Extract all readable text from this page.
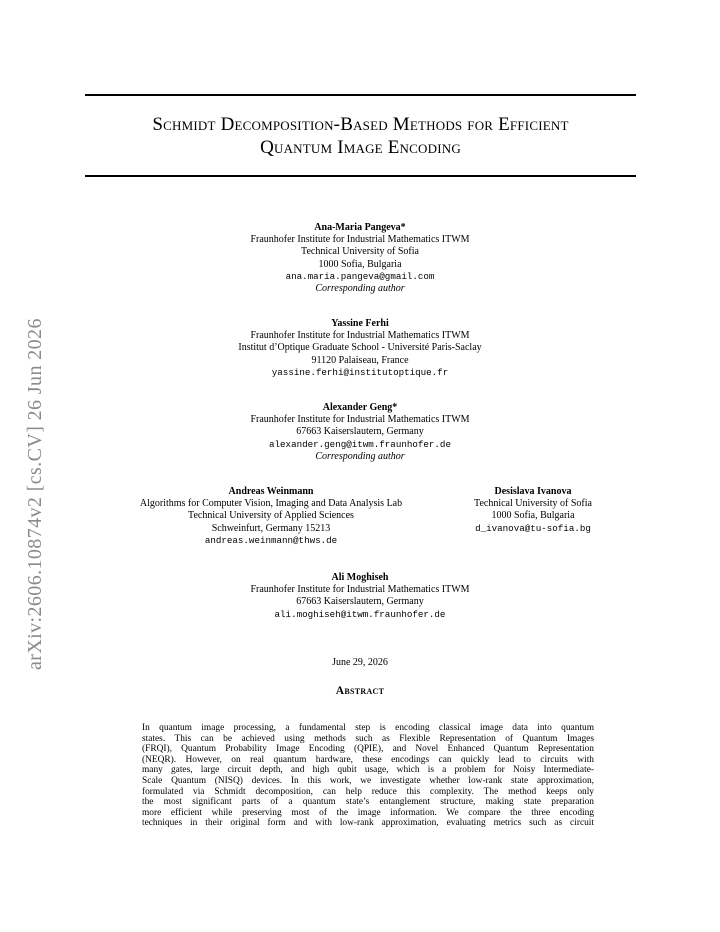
arXiv:2606.10874v2 [cs.CV] 26 Jun 2026
Schmidt Decomposition-Based Methods for Efficient
Quantum Image Encoding
Ana-Maria Pangeva*
Fraunhofer Institute for Industrial Mathematics ITWM
Technical University of Sofia
1000 Sofia, Bulgaria
ana.maria.pangeva@gmail.com
Corresponding author
Yassine Ferhi
Fraunhofer Institute for Industrial Mathematics ITWM
Institut d’Optique Graduate School - Université Paris-Saclay
91120 Palaiseau, France
yassine.ferhi@institutoptique.fr
Alexander Geng*
Fraunhofer Institute for Industrial Mathematics ITWM
67663 Kaiserslautern, Germany
alexander.geng@itwm.fraunhofer.de
Corresponding author
Andreas Weinmann
Algorithms for Computer Vision, Imaging and Data Analysis Lab
Technical University of Applied Sciences
Schweinfurt, Germany 15213
andreas.weinmann@thws.de
Desislava Ivanova
Technical University of Sofia
1000 Sofia, Bulgaria
d_ivanova@tu-sofia.bg
Ali Moghiseh
Fraunhofer Institute for Industrial Mathematics ITWM
67663 Kaiserslautern, Germany
ali.moghiseh@itwm.fraunhofer.de
June 29, 2026
Abstract
In quantum image processing, a fundamental step is encoding classical image data into quantum
states. This can be achieved using methods such as Flexible Representation of Quantum Images
(FRQI), Quantum Probability Image Encoding (QPIE), and Novel Enhanced Quantum Representation
(NEQR). However, on real quantum hardware, these encodings can quickly lead to circuits with
many gates, large circuit depth, and high qubit usage, which is a problem for Noisy Intermediate-
Scale Quantum (NISQ) devices. In this work, we investigate whether low-rank state approximation,
formulated via Schmidt decomposition, can help reduce this complexity. The method keeps only
the most significant parts of a quantum state’s entanglement structure, making state preparation
more efficient while preserving most of the image information. We compare the three encoding
techniques in their original form and with low-rank approximation, evaluating metrics such as circuit
